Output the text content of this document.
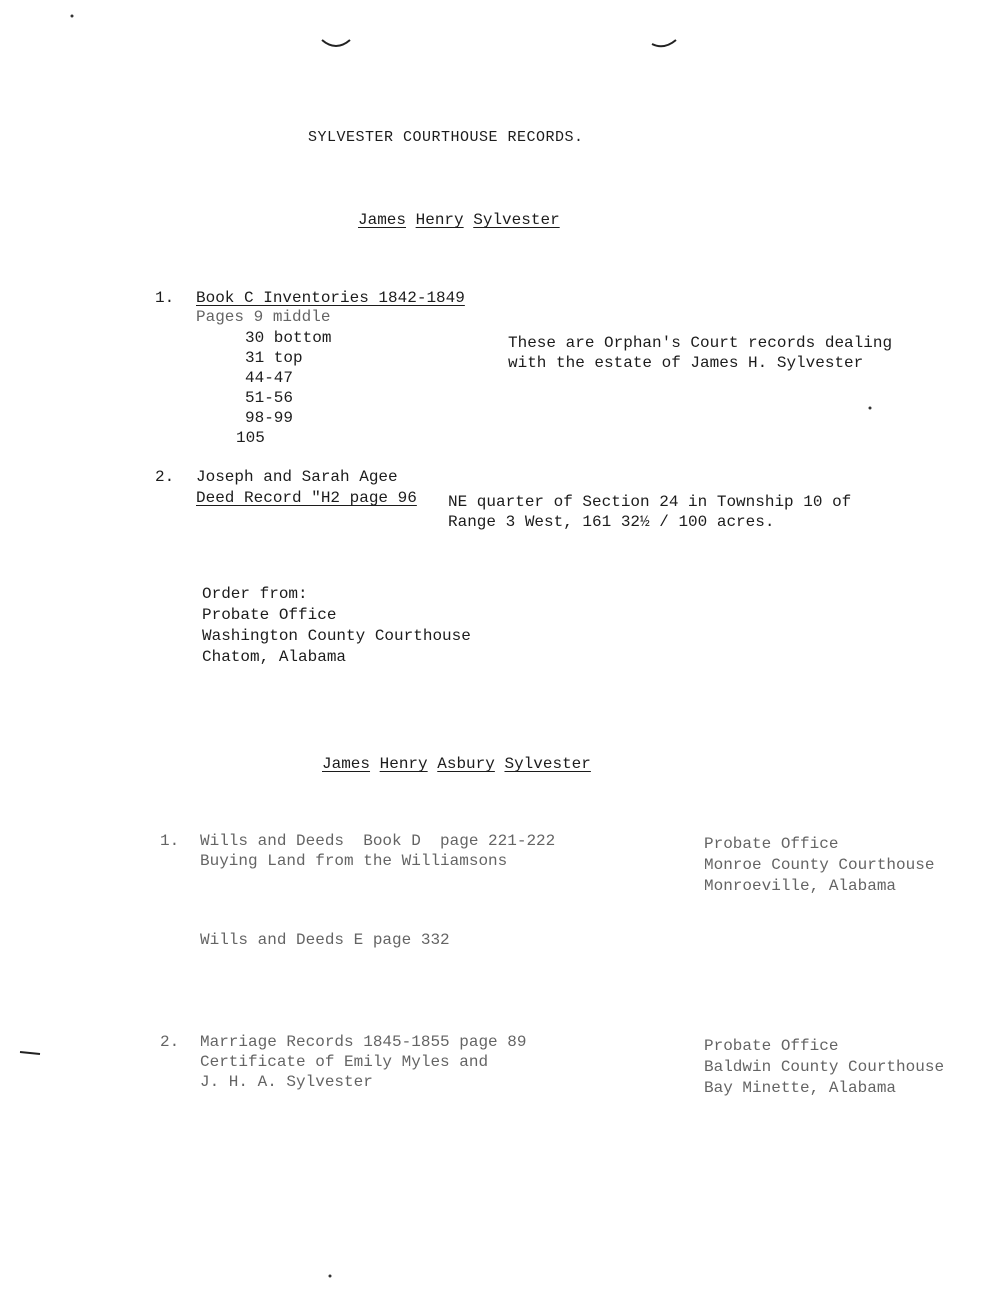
SYLVESTER COURTHOUSE RECORDS.
James Henry Sylvester
1. Book C Inventories 1842-1849
Pages 9 middle
30 bottom
31 top
44-47
51-56
98-99
105
These are Orphan's Court records dealing
with the estate of James H. Sylvester
2. Joseph and Sarah Agee
Deed Record "H2 page 96 NE quarter of Section 24 in Township 10 of
Range 3 West, 161 32½ / 100 acres.
Order from:
Probate Office
Washington County Courthouse
Chatom, Alabama
James Henry Asbury Sylvester
1. Wills and Deeds  Book D  page 221-222
Buying Land from the Williamsons
Probate Office
Monroe County Courthouse
Monroeville, Alabama
Wills and Deeds E page 332
2. Marriage Records 1845-1855 page 89
Certificate of Emily Myles and
J. H. A. Sylvester
Probate Office
Baldwin County Courthouse
Bay Minette, Alabama
